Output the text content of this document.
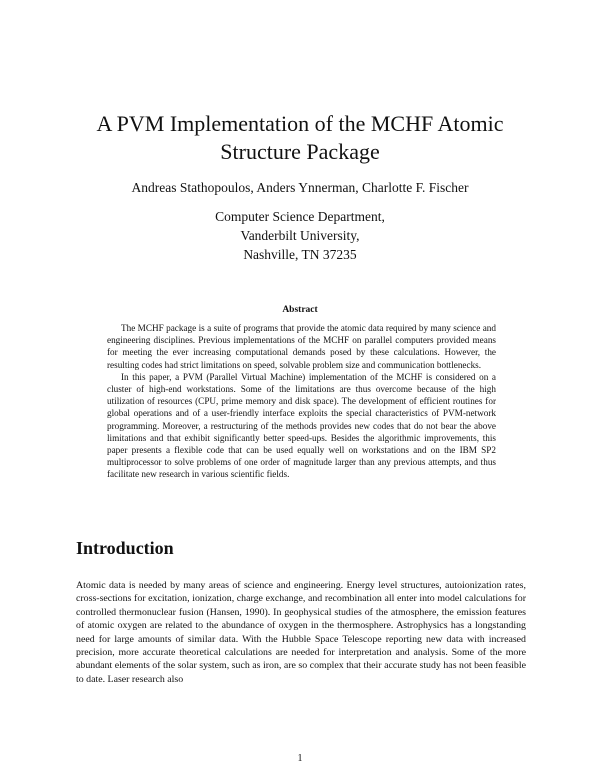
A PVM Implementation of the MCHF Atomic
Structure Package
Andreas Stathopoulos, Anders Ynnerman, Charlotte F. Fischer
Computer Science Department,
Vanderbilt University,
Nashville, TN 37235
Abstract

The MCHF package is a suite of programs that provide the atomic data required by many science and engineering disciplines. Previous implementations of the MCHF on parallel computers provided means for meeting the ever increasing computational demands posed by these calculations. However, the resulting codes had strict limitations on speed, solvable problem size and communication bottlenecks.

In this paper, a PVM (Parallel Virtual Machine) implementation of the MCHF is considered on a cluster of high-end workstations. Some of the limitations are thus overcome because of the high utilization of resources (CPU, prime memory and disk space). The development of efficient routines for global operations and of a user-friendly interface exploits the special characteristics of PVM-network programming. Moreover, a restructuring of the methods provides new codes that do not bear the above limitations and that exhibit significantly better speed-ups. Besides the algorithmic improvements, this paper presents a flexible code that can be used equally well on workstations and on the IBM SP2 multiprocessor to solve problems of one order of magnitude larger than any previous attempts, and thus facilitate new research in various scientific fields.

Introduction

Atomic data is needed by many areas of science and engineering. Energy level structures, autoionization rates, cross-sections for excitation, ionization, charge exchange, and recombination all enter into model calculations for controlled thermonuclear fusion (Hansen, 1990). In geophysical studies of the atmosphere, the emission features of atomic oxygen are related to the abundance of oxygen in the thermosphere. Astrophysics has a longstanding need for large amounts of similar data. With the Hubble Space Telescope reporting new data with increased precision, more accurate theoretical calculations are needed for interpretation and analysis. Some of the more abundant elements of the solar system, such as iron, are so complex that their accurate study has not been feasible to date. Laser research also

1
